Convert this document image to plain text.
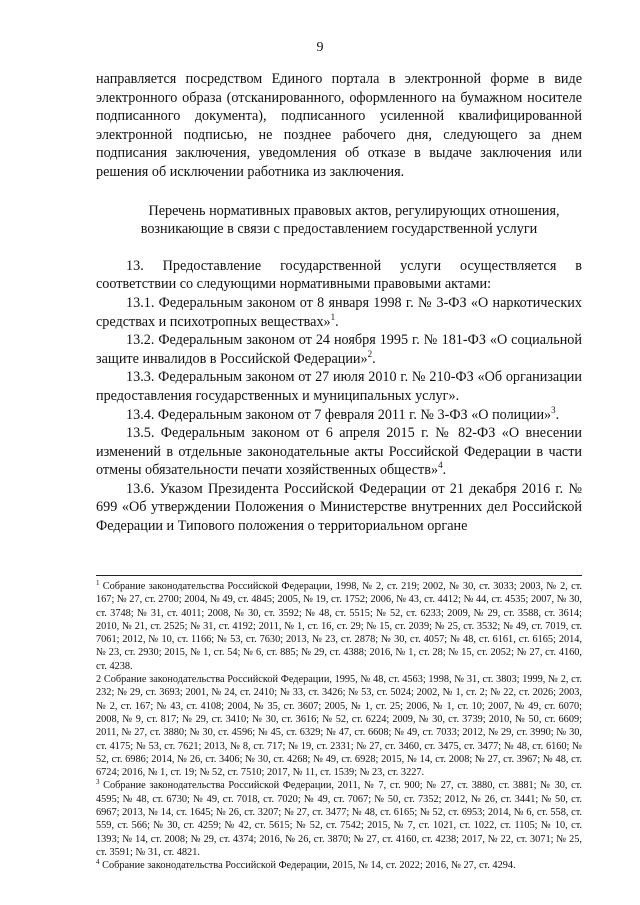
9

направляется посредством Единого портала в электронной форме в виде электронного образа (отсканированного, оформленного на бумажном носителе подписанного документа), подписанного усиленной квалифицированной электронной подписью, не позднее рабочего дня, следующего за днем подписания заключения, уведомления об отказе в выдаче заключения или решения об исключении работника из заключения.

Перечень нормативных правовых актов, регулирующих отношения, возникающие в связи с предоставлением государственной услуги

13. Предоставление государственной услуги осуществляется в соответствии со следующими нормативными правовыми актами:

13.1. Федеральным законом от 8 января 1998 г. № 3-ФЗ «О наркотических средствах и психотропных веществах»$^1$.

13.2. Федеральным законом от 24 ноября 1995 г. № 181-ФЗ «О социальной защите инвалидов в Российской Федерации»$^2$.

13.3. Федеральным законом от 27 июля 2010 г. № 210-ФЗ «Об организации предоставления государственных и муниципальных услуг».

13.4. Федеральным законом от 7 февраля 2011 г. № 3-ФЗ «О полиции»$^3$.

13.5. Федеральным законом от 6 апреля 2015 г. № 82-ФЗ «О внесении изменений в отдельные законодательные акты Российской Федерации в части отмены обязательности печати хозяйственных обществ»$^4$.

13.6. Указом Президента Российской Федерации от 21 декабря 2016 г. № 699 «Об утверждении Положения о Министерстве внутренних дел Российской Федерации и Типового положения о территориальном органе

$^1$ Собрание законодательства Российской Федерации, 1998, № 2, ст. 219; 2002, № 30, ст. 3033; 2003, № 2, ст. 167; № 27, ст. 2700; 2004, № 49, ст. 4845; 2005, № 19, ст. 1752; 2006, № 43, ст. 4412; № 44, ст. 4535; 2007, № 30, ст. 3748; № 31, ст. 4011; 2008, № 30, ст. 3592; № 48, ст. 5515; № 52, ст. 6233; 2009, № 29, ст. 3588, ст. 3614; 2010, № 21, ст. 2525; № 31, ст. 4192; 2011, № 1, ст. 16, ст. 29; № 15, ст. 2039; № 25, ст. 3532; № 49, ст. 7019, ст. 7061; 2012, № 10, ст. 1166; № 53, ст. 7630; 2013, № 23, ст. 2878; № 30, ст. 4057; № 48, ст. 6161, ст. 6165; 2014, № 23, ст. 2930; 2015, № 1, ст. 54; № 6, ст. 885; № 29, ст. 4388; 2016, № 1, ст. 28; № 15, ст. 2052; № 27, ст. 4160, ст. 4238.

2 Собрание законодательства Российской Федерации, 1995, № 48, ст. 4563; 1998, № 31, ст. 3803; 1999, № 2, ст. 232; № 29, ст. 3693; 2001, № 24, ст. 2410; № 33, ст. 3426; № 53, ст. 5024; 2002, № 1, ст. 2; № 22, ст. 2026; 2003, № 2, ст. 167; № 43, ст. 4108; 2004, № 35, ст. 3607; 2005, № 1, ст. 25; 2006, № 1, ст. 10; 2007, № 49, ст. 6070; 2008, № 9, ст. 817; № 29, ст. 3410; № 30, ст. 3616; № 52, ст. 6224; 2009, № 30, ст. 3739; 2010, № 50, ст. 6609; 2011, № 27, ст. 3880; № 30, ст. 4596; № 45, ст. 6329; № 47, ст. 6608; № 49, ст. 7033; 2012, № 29, ст. 3990; № 30, ст. 4175; № 53, ст. 7621; 2013, № 8, ст. 717; № 19, ст. 2331; № 27, ст. 3460, ст. 3475, ст. 3477; № 48, ст. 6160; № 52, ст. 6986; 2014, № 26, ст. 3406; № 30, ст. 4268; № 49, ст. 6928; 2015, № 14, ст. 2008; № 27, ст. 3967; № 48, ст. 6724; 2016, № 1, ст. 19; № 52, ст. 7510; 2017, № 11, ст. 1539; № 23, ст. 3227.

$^3$ Собрание законодательства Российской Федерации, 2011, № 7, ст. 900; № 27, ст. 3880, ст. 3881; № 30, ст. 4595; № 48, ст. 6730; № 49, ст. 7018, ст. 7020; № 49, ст. 7067; № 50, ст. 7352; 2012, № 26, ст. 3441; № 50, ст. 6967; 2013, № 14, ст. 1645; № 26, ст. 3207; № 27, ст. 3477; № 48, ст. 6165; № 52, ст. 6953; 2014, № 6, ст. 558, ст. 559, ст. 566; № 30, ст. 4259; № 42, ст. 5615; № 52, ст. 7542; 2015, № 7, ст. 1021, ст. 1022, ст. 1105; № 10, ст. 1393; № 14, ст. 2008; № 29, ст. 4374; 2016, № 26, ст. 3870; № 27, ст. 4160, ст. 4238; 2017, № 22, ст. 3071; № 25, ст. 3591; № 31, ст. 4821.

$^4$ Собрание законодательства Российской Федерации, 2015, № 14, ст. 2022; 2016, № 27, ст. 4294.
